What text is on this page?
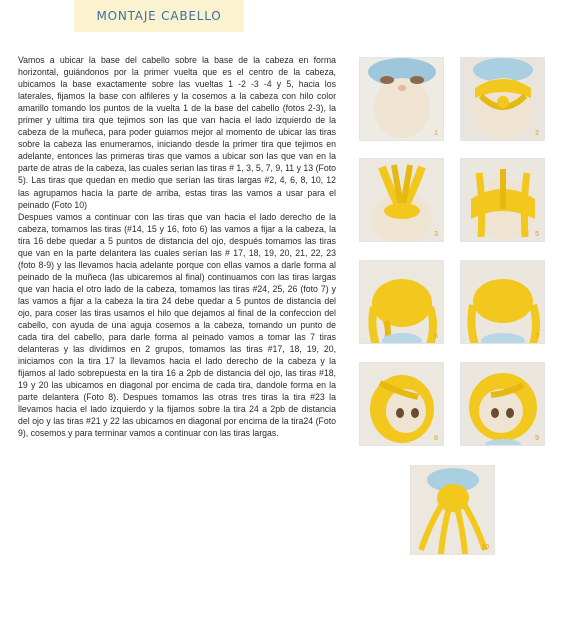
MONTAJE CABELLO

Vamos a ubicar la base del cabello sobre la base de la cabeza en forma horizontal, guiándonos por la primer vuelta que es el centro de la cabeza, ubicamos la base exactamente sobre las vueltas 1 -2 -3 -4 y 5, hacia los laterales, fijamos la base con alfileres y la cosemos a la cabeza con hilo color amarillo tomando los puntos de la vuelta 1 de la base del cabello (fotos 2-3), la primer y ultima tira que tejimos son las que van hacia el lado izquierdo de la cabeza de la muñeca, para poder guiarnos mejor al momento de ubicar las tiras sobre la cabeza las enumeramos, iniciando desde la primer tira que tejimos en adelante, entonces las primeras tiras que vamos a ubicar son las que van en la parte de atras de la cabeza, las cuales serian las tiras # 1, 3, 5, 7, 9, 11 y 13 (Foto 5). Las tiras que quedan en medio que serían las tiras largas #2, 4, 6, 8, 10, 12 las agrupamos hacia la parte de arriba, estas tiras las vamos a usar para el peinado (Foto 10)

Despues vamos a continuar con las tiras que van hacia el lado derecho de la cabeza, tomamos las tiras (#14, 15 y 16, foto 6) las vamos a fijar a la cabeza, la tira 16 debe quedar a 5 puntos de distancia del ojo, después tomamos las tiras que van en la parte delantera las cuales serían las # 17, 18, 19, 20, 21, 22, 23 (foto 8-9) y las llevamos hacia adelante porque con ellas vamos a darle forma al peinado de la muñeca (las ubicaremos al final) continuamos con las tiras largas que van hacia el otro lado de la cabeza, tomamos las tiras #24, 25, 26 (foto 7) y las vamos a fijar a la cabeza la tira 24 debe quedar a 5 puntos de distancia del ojo, para coser las tiras usamos el hilo que dejamos al final de la confeccion del cabello, con ayuda de una aguja cosemos a la cabeza, tomando un punto de cada tira del cabello, para darle forma al peinado vamos a tomar las 7 tiras delanteras y las dividimos en 2 grupos, tomamos las tiras #17, 18, 19, 20, iniciamos con la tira 17 la llevamos hacia el lado derecho de la cabeza y la fijamos al lado sobrepuesta en la tira 16 a 2pb de distancia del ojo, las tiras #18, 19 y 20 las ubicamos en diagonal por encima de cada tira, dandole forma en la parte delantera (Foto 8). Despues tomamos las otras tres tiras la tira #23 la llevamos hacia el lado izquierdo y la fijamos sobre la tira 24 a 2pb de distancia del ojo y las tiras #21 y 22 las ubicamos en diagonal por encima de la tira24 (Foto 9), cosemos y para terminar vamos a continuar con las tiras largas.

1	2
3	5
6	7
8	9
10
